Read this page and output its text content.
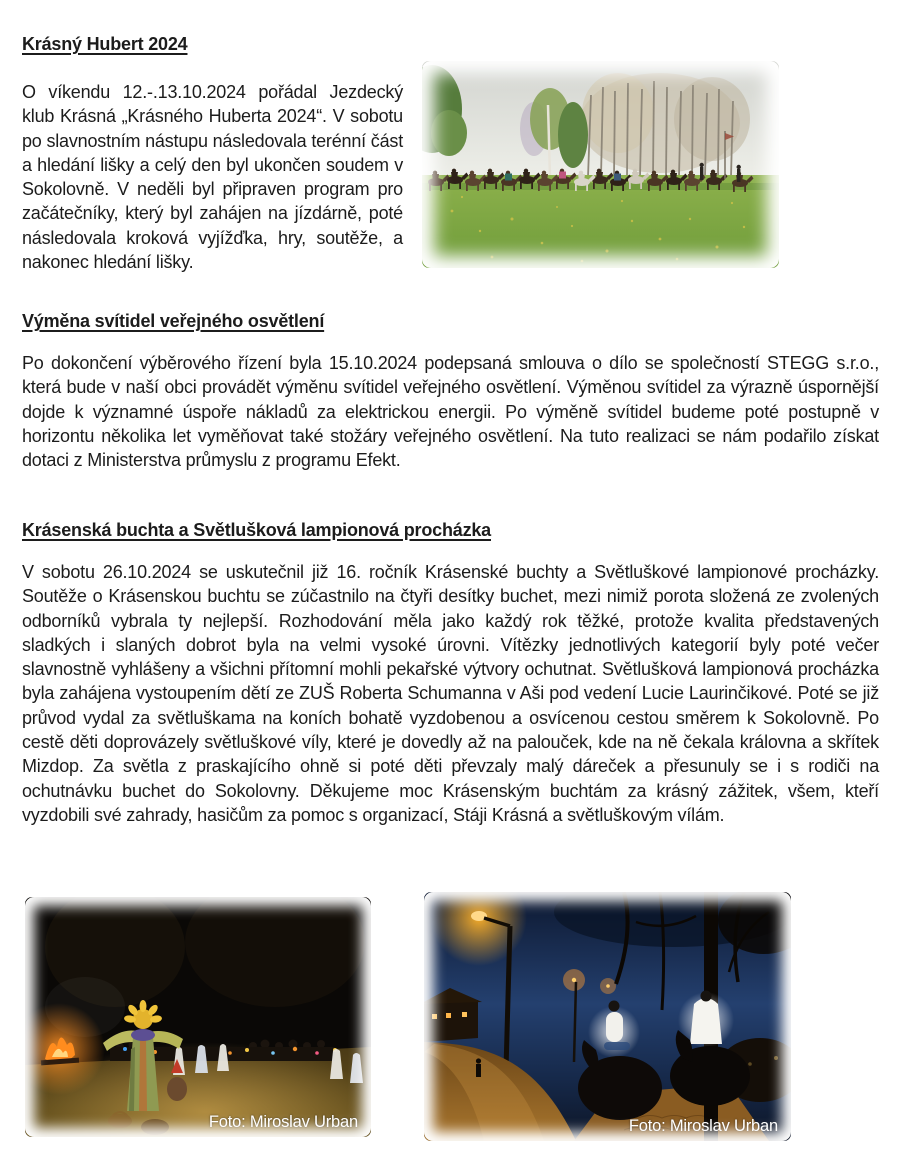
Krásný Hubert 2024

O víkendu 12.-.13.10.2024 pořádal Jezdecký klub Krásná „Krásného Huberta 2024“. V sobotu po slavnostním nástupu následovala terénní část a hledání lišky a celý den byl ukončen soudem v Sokolovně. V neděli byl připraven program pro začátečníky, který byl zahájen na jízdárně, poté následovala kroková vyjížďka, hry, soutěže, a nakonec hledání lišky.

Výměna svítidel veřejného osvětlení

Po dokončení výběrového řízení byla 15.10.2024 podepsaná smlouva o dílo se společností STEGG s.r.o., která bude v naší obci provádět výměnu svítidel veřejného osvětlení. Výměnou svítidel za výrazně úspornější dojde k významné úspoře nákladů za elektrickou energii. Po výměně svítidel budeme poté postupně v horizontu několika let vyměňovat také stožáry veřejného osvětlení. Na tuto realizaci se nám podařilo získat dotaci z Ministerstva průmyslu z programu Efekt.

Krásenská buchta a Světlušková lampionová procházka

V sobotu 26.10.2024 se uskutečnil již 16. ročník Krásenské buchty a Světluškové lampionové procházky. Soutěže o Krásenskou buchtu se zúčastnilo na čtyři desítky buchet, mezi nimiž porota složená ze zvolených odborníků vybrala ty nejlepší. Rozhodování měla jako každý rok těžké, protože kvalita představených sladkých i slaných dobrot byla na velmi vysoké úrovni. Vítězky jednotlivých kategorií byly poté večer slavnostně vyhlášeny a všichni přítomní mohli pekařské výtvory ochutnat. Světlušková lampionová procházka byla zahájena vystoupením dětí ze ZUŠ Roberta Schumanna v Aši pod vedení Lucie Laurinčikové. Poté se již průvod vydal za světluškama na koních bohatě vyzdobenou a osvícenou cestou směrem k Sokolovně. Po cestě děti doprovázely světluškové víly, které je dovedly až na palouček, kde na ně čekala královna a skřítek Mizdop. Za světla z praskajícího ohně si poté děti převzaly malý dáreček a přesunuly se i s rodiči na ochutnávku buchet do Sokolovny. Děkujeme moc Krásenským buchtám za krásný zážitek, všem, kteří vyzdobili své zahrady, hasičům za pomoc s organizací, Stáji Krásná a světluškovým vílám.

Foto: Miroslav Urban	Foto: Miroslav Urban
